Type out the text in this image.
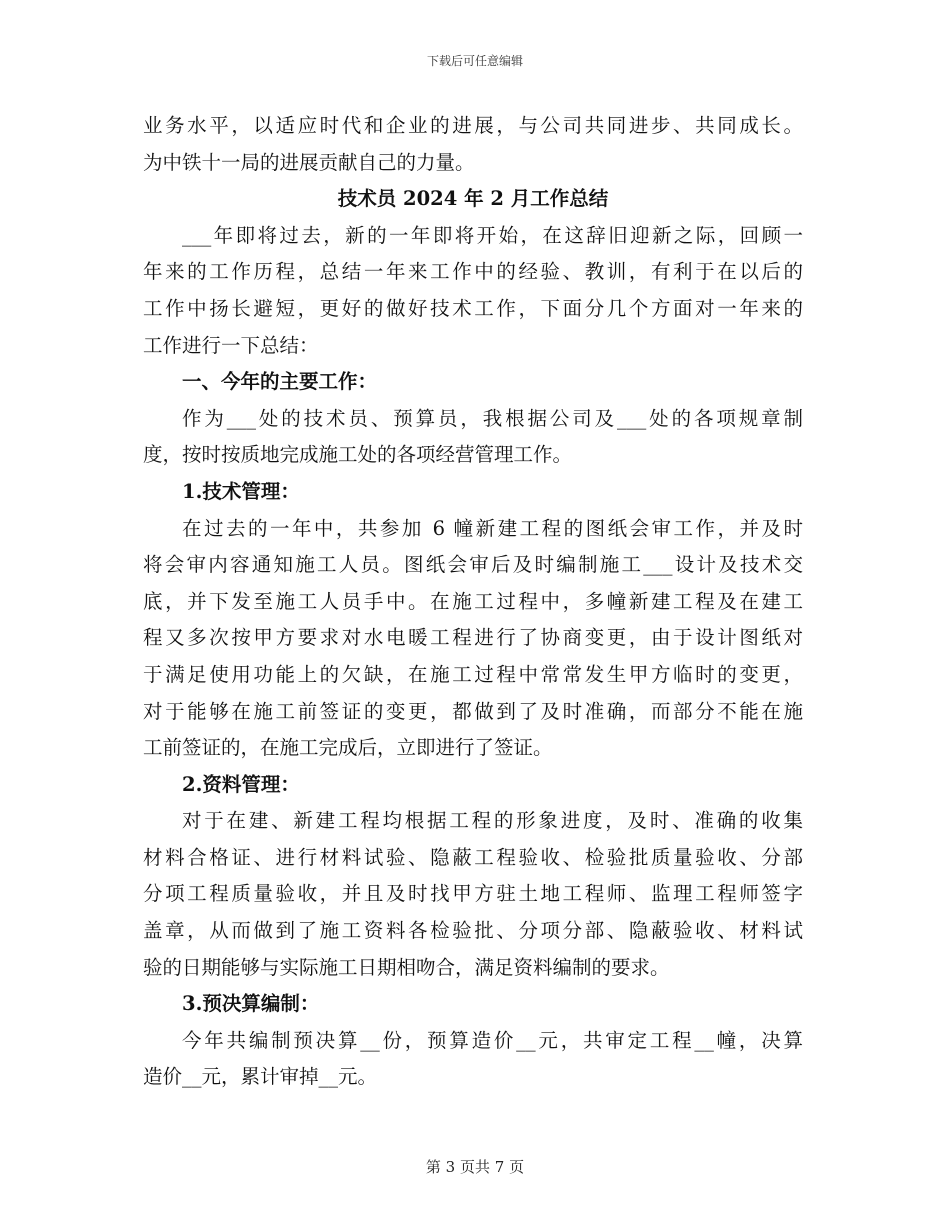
下载后可任意编辑
业务水平，以适应时代和企业的进展，与公司共同进步、共同成长。
为中铁十一局的进展贡献自己的力量。
技术员 2024 年 2 月工作总结
___年即将过去，新的一年即将开始，在这辞旧迎新之际，回顾一
年来的工作历程，总结一年来工作中的经验、教训，有利于在以后的
工作中扬长避短，更好的做好技术工作，下面分几个方面对一年来的
工作进行一下总结：
一、今年的主要工作：
作为___处的技术员、预算员，我根据公司及___处的各项规章制
度，按时按质地完成施工处的各项经营管理工作。
1.技术管理：
在过去的一年中，共参加 6 幢新建工程的图纸会审工作，并及时
将会审内容通知施工人员。图纸会审后及时编制施工___设计及技术交
底，并下发至施工人员手中。在施工过程中，多幢新建工程及在建工
程又多次按甲方要求对水电暖工程进行了协商变更，由于设计图纸对
于满足使用功能上的欠缺，在施工过程中常常发生甲方临时的变更，
对于能够在施工前签证的变更，都做到了及时准确，而部分不能在施
工前签证的，在施工完成后，立即进行了签证。
2.资料管理：
对于在建、新建工程均根据工程的形象进度，及时、准确的收集
材料合格证、进行材料试验、隐蔽工程验收、检验批质量验收、分部
分项工程质量验收，并且及时找甲方驻土地工程师、监理工程师签字
盖章，从而做到了施工资料各检验批、分项分部、隐蔽验收、材料试
验的日期能够与实际施工日期相吻合，满足资料编制的要求。
3.预决算编制：
今年共编制预决算__份，预算造价__元，共审定工程__幢，决算
造价__元，累计审掉__元。
第 3 页共 7 页
